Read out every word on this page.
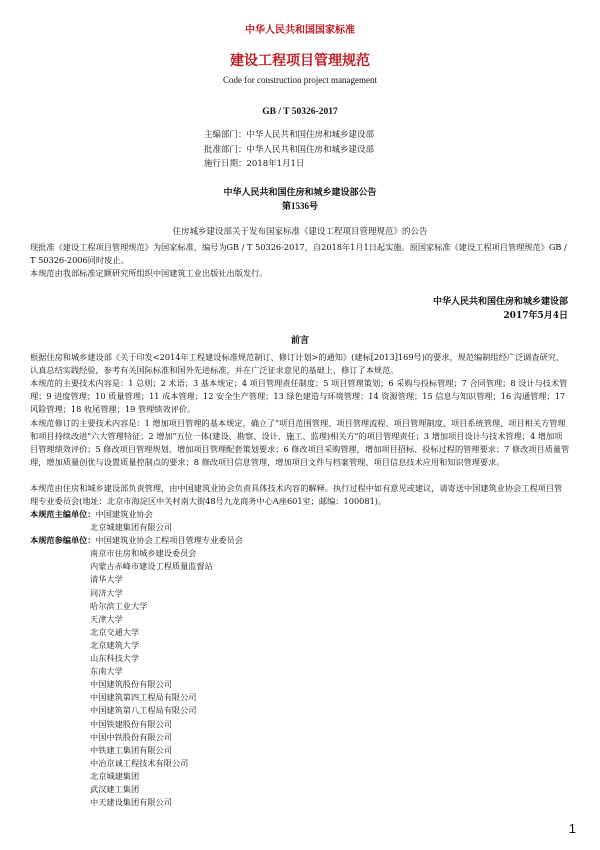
中华人民共和国国家标准
建设工程项目管理规范
Code for construction project management
GB / T 50326-2017
主编部门：中华人民共和国住房和城乡建设部
批准部门：中华人民共和国住房和城乡建设部
施行日期：2018年1月1日
中华人民共和国住房和城乡建设部公告
第1536号
住房城乡建设部关于发布国家标准《建设工程项目管理规范》的公告
现批准《建设工程项目管理规范》为国家标准，编号为GB / T 50326-2017，自2018年1月1日起实施。原国家标准《建设工程项目管理规范》GB / T 50326-2006同时废止。
本规范由我部标准定额研究所组织中国建筑工业出版社出版发行。
中华人民共和国住房和城乡建设部
2017年5月4日
前言
根据住房和城乡建设部《关于印发<2014年工程建设标准规范制订、修订计划>的通知》(建标[2013]169号)的要求，规范编制组经广泛调查研究，认真总结实践经验，参考有关国际标准和国外先进标准，并在广泛征求意见的基础上，修订了本规范。
本规范的主要技术内容是：1 总则；2 术语；3 基本规定；4 项目管理责任制度；5 项目管理策划；6 采购与投标管理；7 合同管理；8 设计与技术管理；9 进度管理；10 质量管理；11 成本管理；12 安全生产管理；13 绿色建造与环境管理；14 资源管理；15 信息与知识管理；16 沟通管理；17 风险管理；18 收尾管理；19 管理绩效评价。
本规范修订的主要技术内容是：1 增加项目管理的基本规定，确立了"项目范围管理、项目管理流程、项目管理制度、项目系统管理、项目相关方管理和项目持续改进"六大管理特征；2 增加"五位一体(建设、勘察、设计、施工、监理)相关方"的项目管理责任；3 增加项目设计与技术管理；4 增加项目管理绩效评价；5 修改项目管理规划，增加项目管理配套策划要求；6 修改项目采购管理，增加项目招标、投标过程的管理要求；7 修改项目质量管理，增加质量创优与设置质量控制点的要求；8 修改项目信息管理，增加项目文件与档案管理、项目信息技术应用和知识管理要求。
本规范由住房和城乡建设部负责管理，由中国建筑业协会负责具体技术内容的解释。执行过程中如有意见或建议，请寄送中国建筑业协会工程项目管理专业委员会(地址：北京市海淀区中关村南大街48号九龙商务中心A座601室；邮编：100081)。
本规范主编单位：中国建筑业协会
北京城建集团有限公司
本规范参编单位：中国建筑业协会工程项目管理专业委员会
南京市住房和城乡建设委员会
内蒙古赤峰市建设工程质量监督站
清华大学
同济大学
哈尔滨工业大学
天津大学
北京交通大学
北京建筑大学
山东科技大学
东南大学
中国建筑股份有限公司
中国建筑第四工程局有限公司
中国建筑第八工程局有限公司
中国铁建股份有限公司
中国中铁股份有限公司
中铁建工集团有限公司
中冶京诚工程技术有限公司
北京城建集团
武汉建工集团
中天建设集团有限公司
1
